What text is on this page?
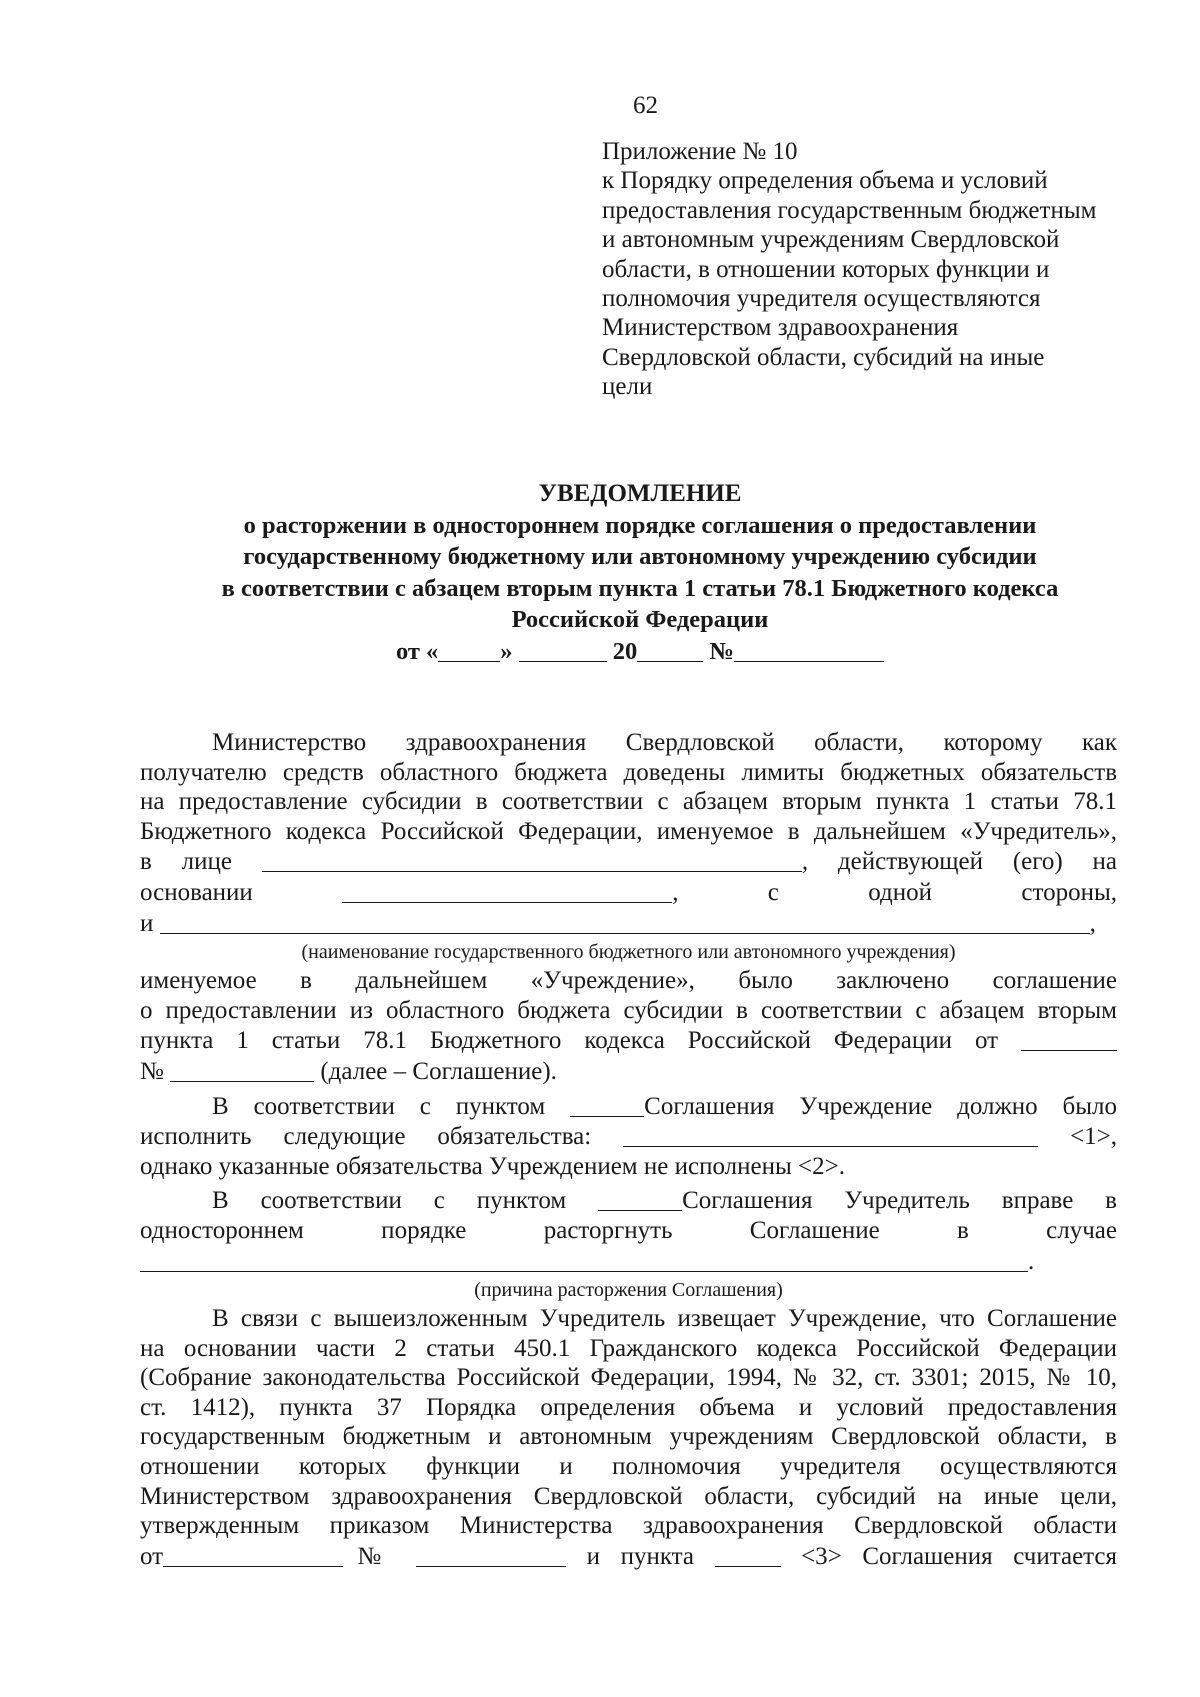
62
Приложение № 10
к Порядку определения объема и условий
предоставления государственным бюджетным
и автономным учреждениям Свердловской
области, в отношении которых функции и
полномочия учредителя осуществляются
Министерством здравоохранения
Свердловской области, субсидий на иные
цели
УВЕДОМЛЕНИЕ
о расторжении в одностороннем порядке соглашения о предоставлении
государственному бюджетному или автономному учреждению субсидии
в соответствии с абзацем вторым пункта 1 статьи 78.1 Бюджетного кодекса
Российской Федерации
от «	»	20	№
Министерство здравоохранения Свердловской области, которому как
получателю средств областного бюджета доведены лимиты бюджетных обязательств
на предоставление субсидии в соответствии с абзацем вторым пункта 1 статьи 78.1
Бюджетного кодекса Российской Федерации, именуемое в дальнейшем «Учредитель»,
в лице	, действующей (его) на
основании	, с одной стороны,
и	,
(наименование государственного бюджетного или автономного учреждения)
именуемое в дальнейшем «Учреждение», было заключено соглашение
о предоставлении из областного бюджета субсидии в соответствии с абзацем вторым
пункта 1 статьи 78.1 Бюджетного кодекса Российской Федерации от
№	(далее – Соглашение).
В соответствии с пунктом	Соглашения Учреждение должно было
исполнить следующие обязательства:	<1>,
однако указанные обязательства Учреждением не исполнены <2>.
В соответствии с пунктом	Соглашения Учредитель вправе в
одностороннем порядке расторгнуть Соглашение в случае
.
(причина расторжения Соглашения)
В связи с вышеизложенным Учредитель извещает Учреждение, что Соглашение
на основании части 2 статьи 450.1 Гражданского кодекса Российской Федерации
(Собрание законодательства Российской Федерации, 1994, № 32, ст. 3301; 2015, № 10,
ст. 1412), пункта 37 Порядка определения объема и условий предоставления
государственным бюджетным и автономным учреждениям Свердловской области, в
отношении которых функции и полномочия учредителя осуществляются
Министерством здравоохранения Свердловской области, субсидий на иные цели,
утвержденным приказом Министерства здравоохранения Свердловской области
от	№	и пункта	<3> Соглашения считается
